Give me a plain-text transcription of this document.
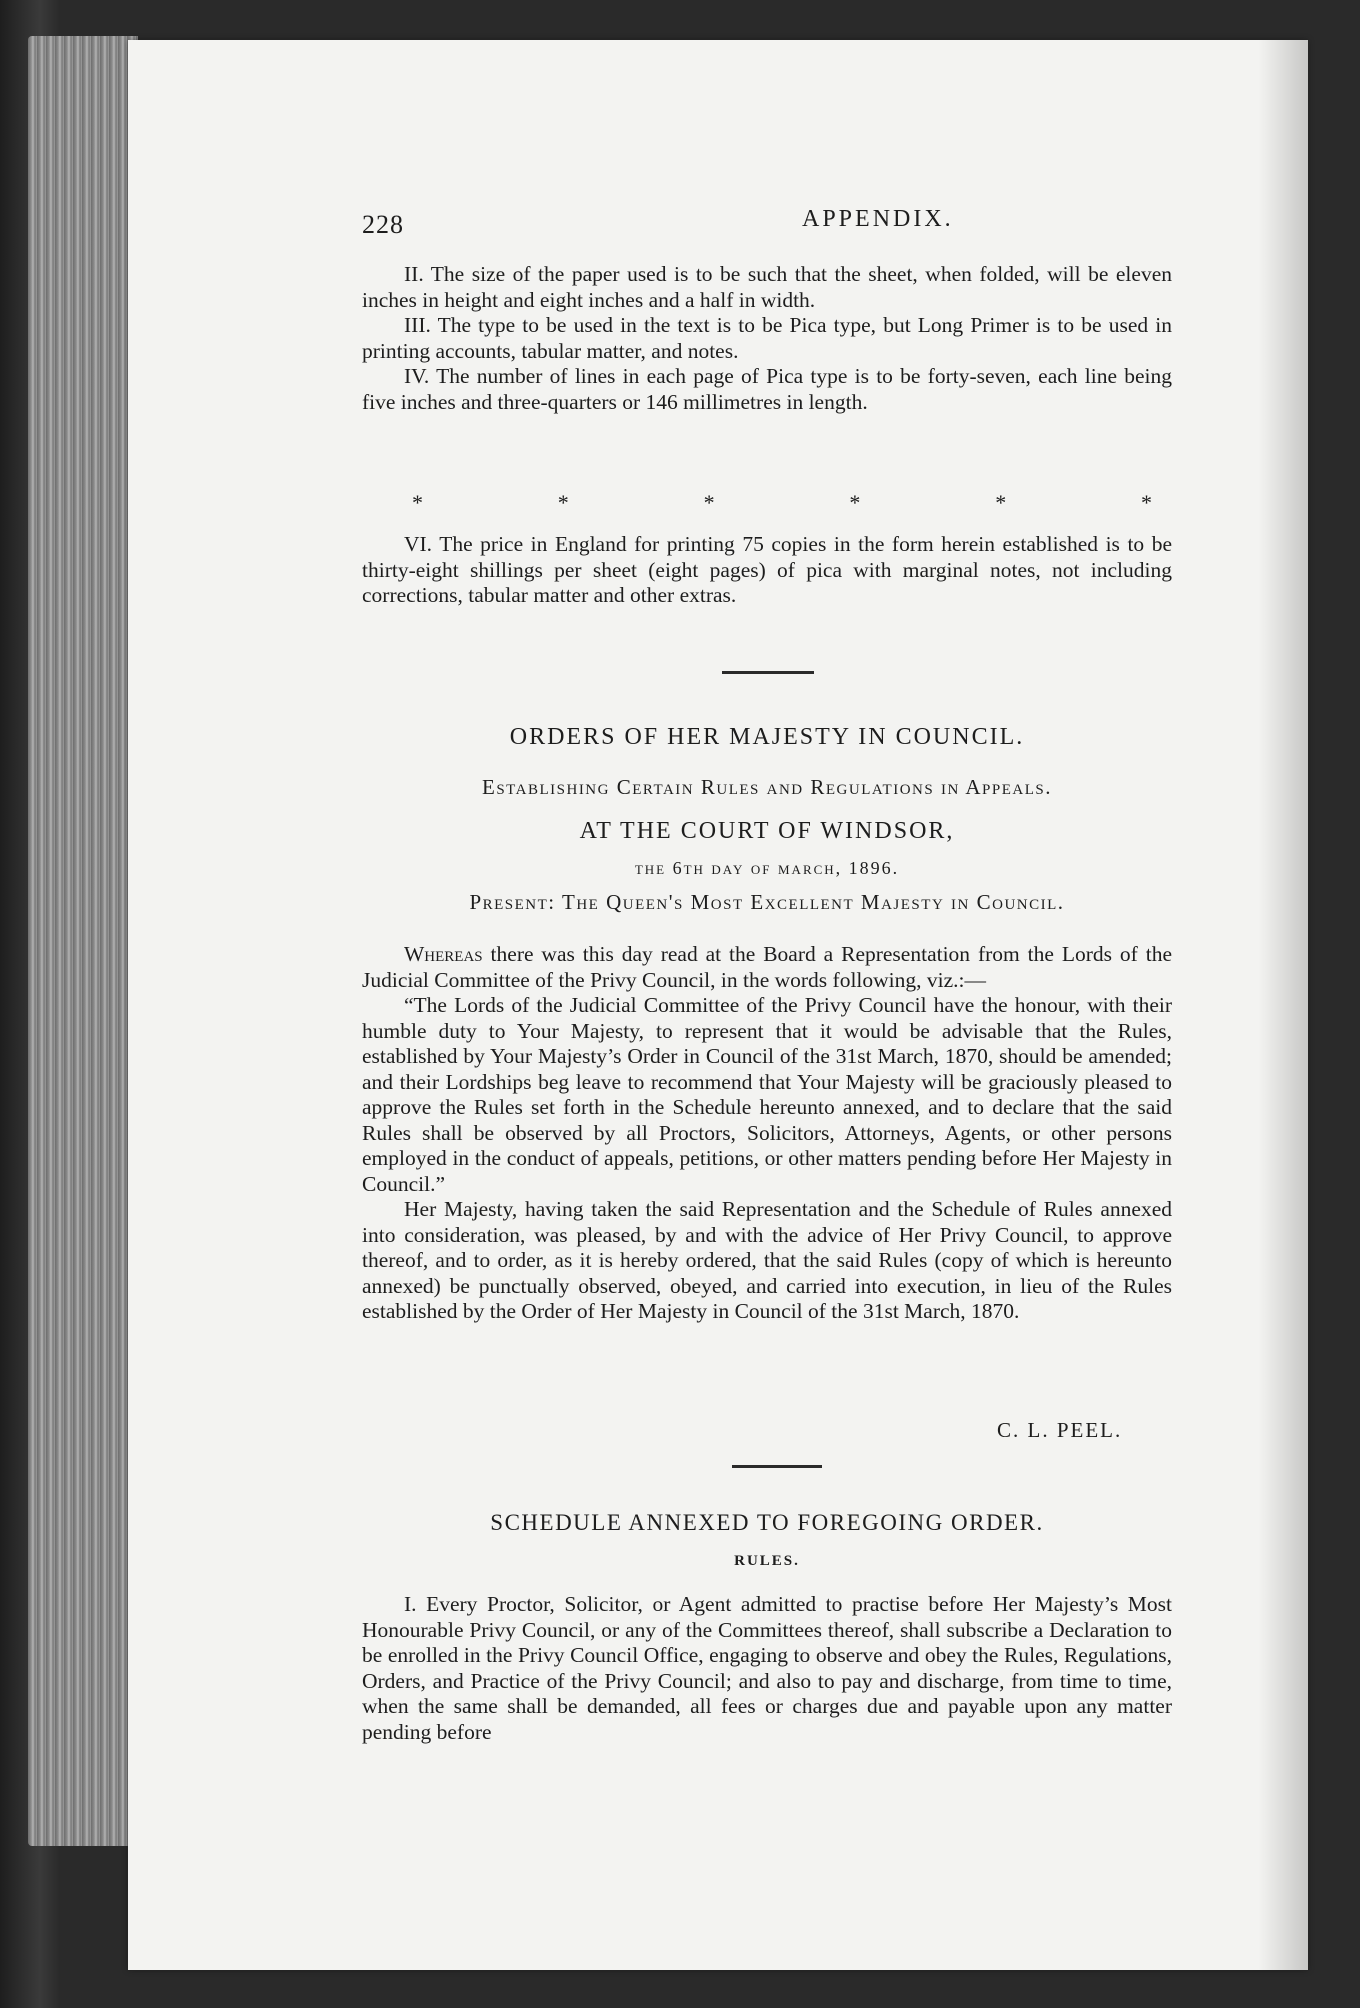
228	APPENDIX.

II. The size of the paper used is to be such that the sheet, when folded, will be eleven inches in height and eight inches and a half in width.

III. The type to be used in the text is to be Pica type, but Long Primer is to be used in printing accounts, tabular matter, and notes.

IV. The number of lines in each page of Pica type is to be forty-seven, each line being five inches and three-quarters or 146 millimetres in length.

*	*	*	*	*	*

VI. The price in England for printing 75 copies in the form herein established is to be thirty-eight shillings per sheet (eight pages) of pica with marginal notes, not including corrections, tabular matter and other extras.

ORDERS OF HER MAJESTY IN COUNCIL.
Establishing Certain Rules and Regulations in Appeals.
AT THE COURT OF WINDSOR,
the 6th day of march, 1896.
Present: The Queen's Most Excellent Majesty in Council.

Whereas there was this day read at the Board a Representation from the Lords of the Judicial Committee of the Privy Council, in the words following, viz.:—

“The Lords of the Judicial Committee of the Privy Council have the honour, with their humble duty to Your Majesty, to represent that it would be advisable that the Rules, established by Your Majesty’s Order in Council of the 31st March, 1870, should be amended; and their Lordships beg leave to recommend that Your Majesty will be graciously pleased to approve the Rules set forth in the Schedule hereunto annexed, and to declare that the said Rules shall be observed by all Proctors, Solicitors, Attorneys, Agents, or other persons employed in the conduct of appeals, petitions, or other matters pending before Her Majesty in Council.”

Her Majesty, having taken the said Representation and the Schedule of Rules annexed into consideration, was pleased, by and with the advice of Her Privy Council, to approve thereof, and to order, as it is hereby ordered, that the said Rules (copy of which is hereunto annexed) be punctually observed, obeyed, and carried into execution, in lieu of the Rules established by the Order of Her Majesty in Council of the 31st March, 1870.

C. L. PEEL.
SCHEDULE ANNEXED TO FOREGOING ORDER.
RULES.

I. Every Proctor, Solicitor, or Agent admitted to practise before Her Majesty’s Most Honourable Privy Council, or any of the Committees thereof, shall subscribe a Declaration to be enrolled in the Privy Council Office, engaging to observe and obey the Rules, Regulations, Orders, and Practice of the Privy Council; and also to pay and discharge, from time to time, when the same shall be demanded, all fees or charges due and payable upon any matter pending before
